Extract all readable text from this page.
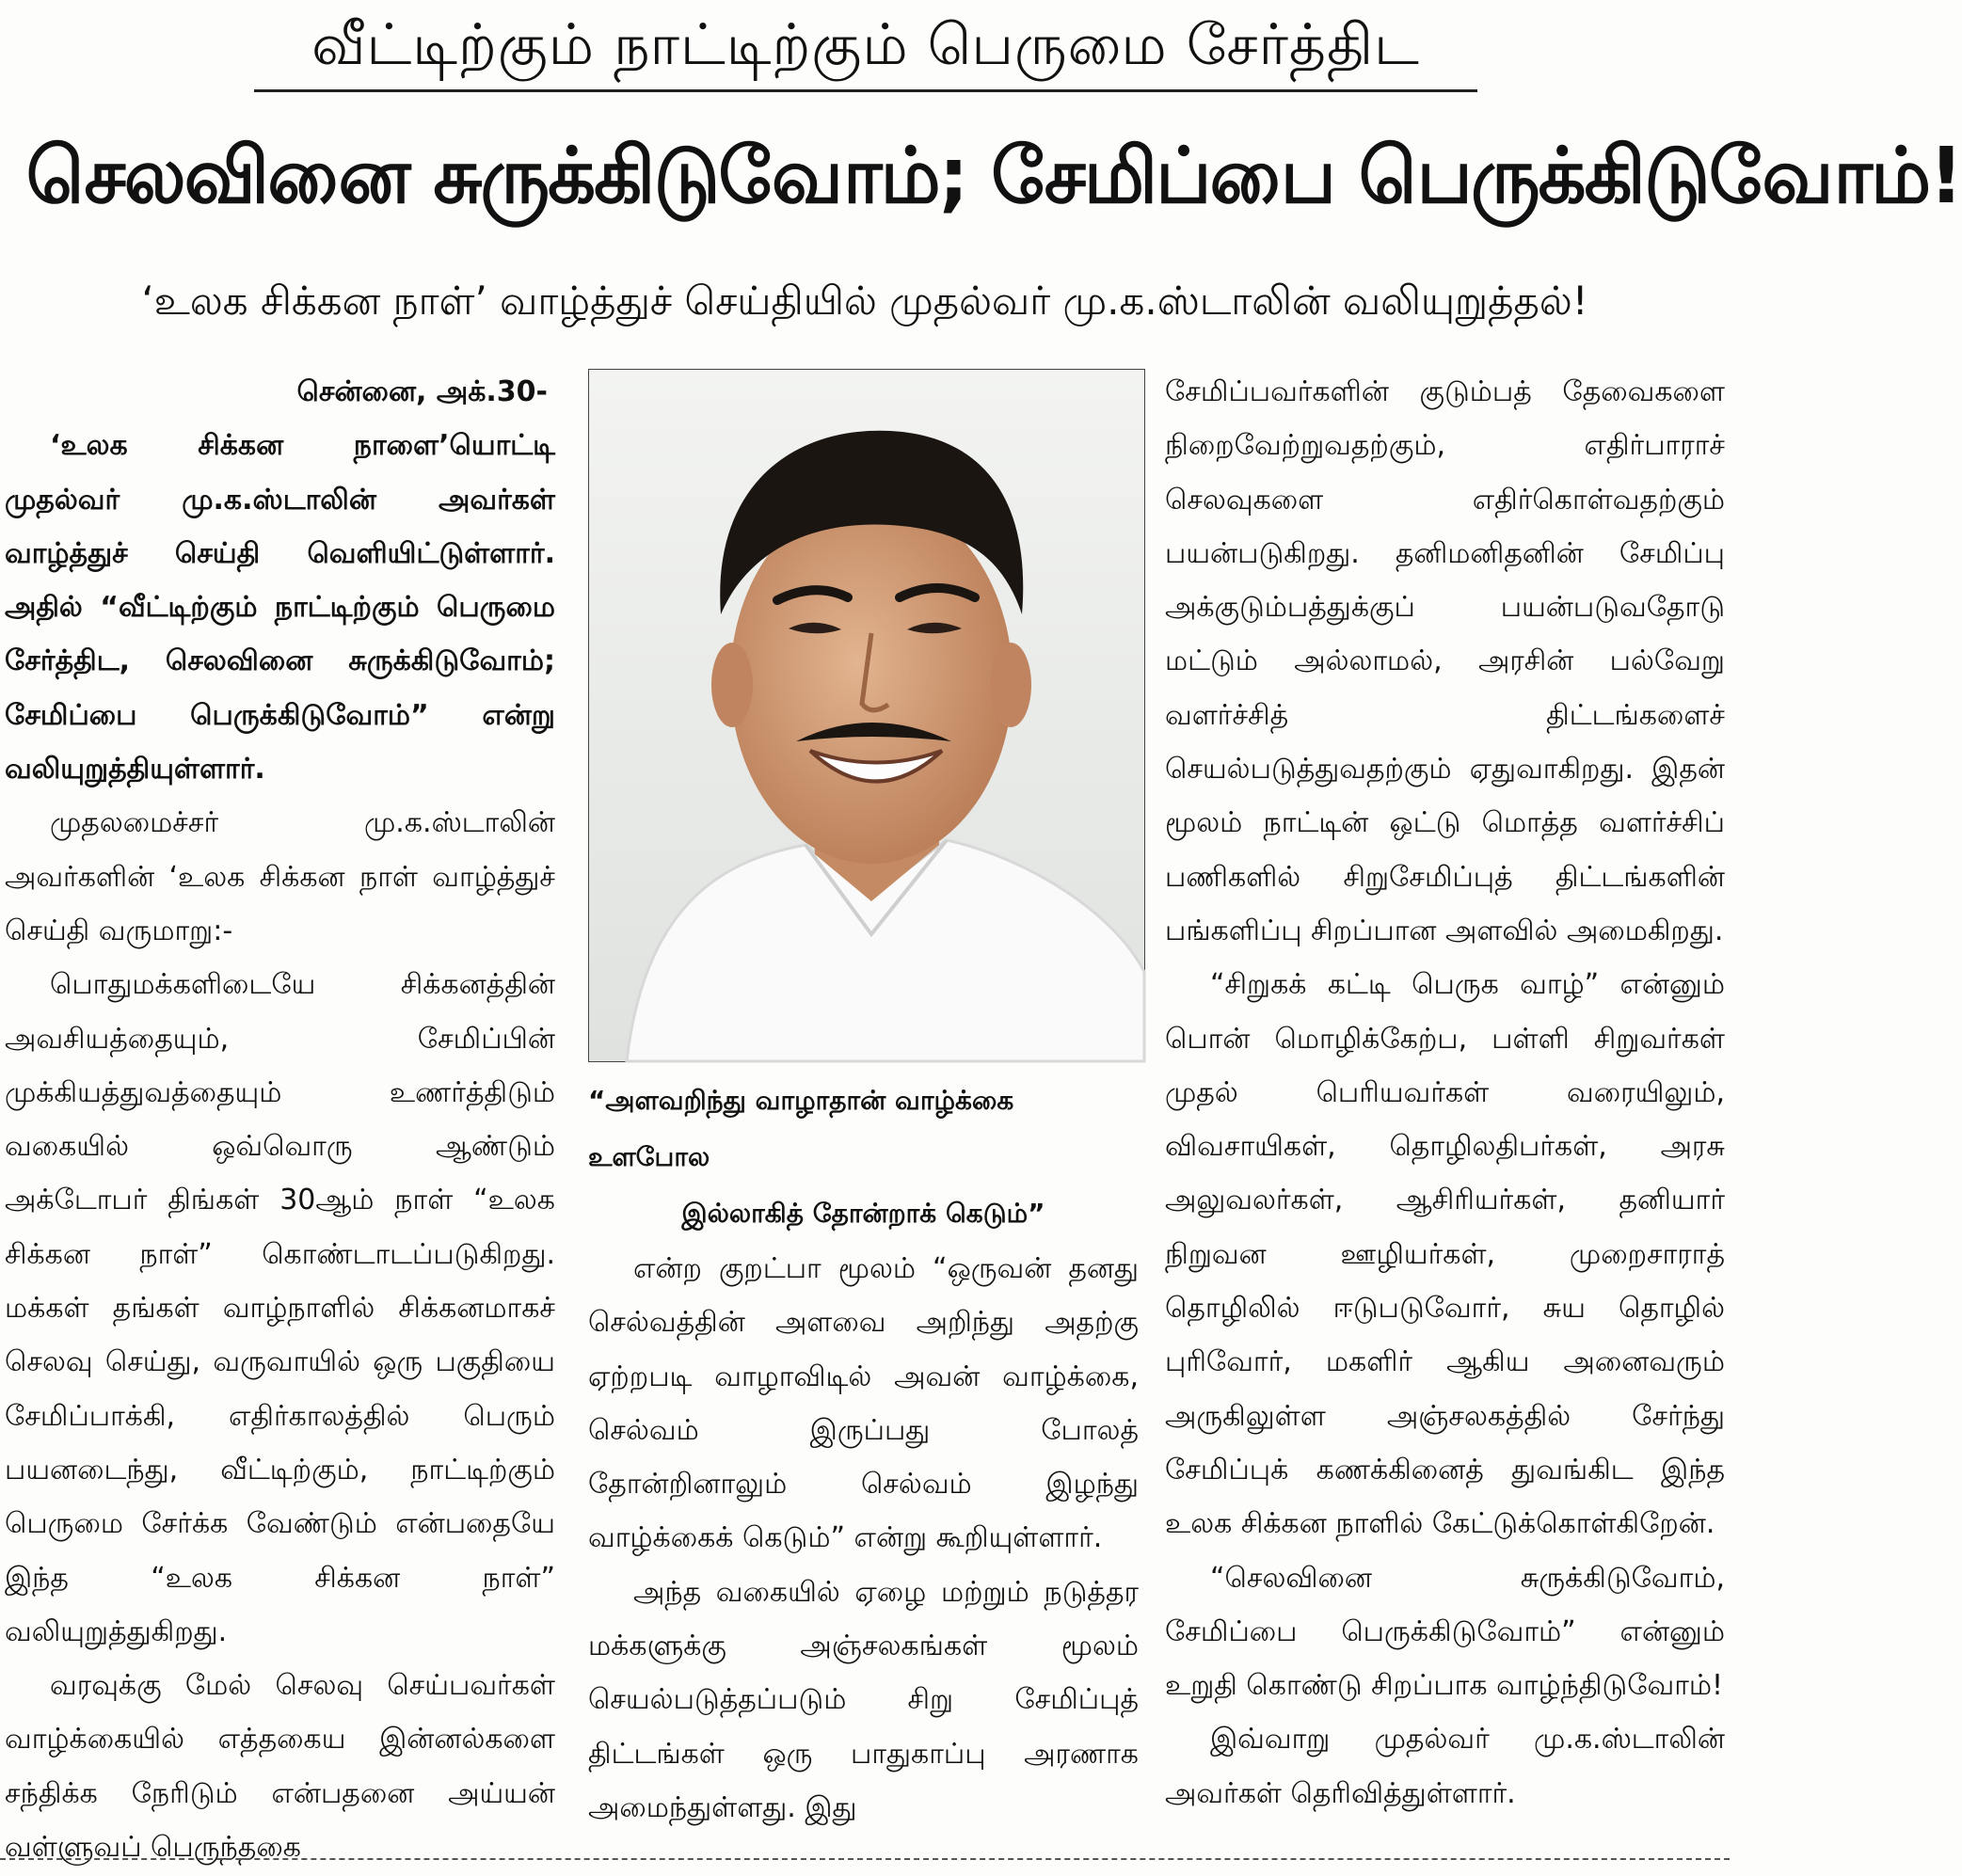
வீட்டிற்கும் நாட்டிற்கும் பெருமை சேர்த்திட
செலவினை சுருக்கிடுவோம்; சேமிப்பை பெருக்கிடுவோம்!
‘உலக சிக்கன நாள்’ வாழ்த்துச் செய்தியில் முதல்வர் மு.க.ஸ்டாலின் வலியுறுத்தல்!

சென்னை, அக்.30-

‘உலக சிக்கன நாளை’யொட்டி முதல்வர் மு.க.ஸ்டாலின் அவர்கள் வாழ்த்துச் செய்தி வெளியிட்டுள்ளார். அதில் “வீட்டிற்கும் நாட்டிற்கும் பெருமை சேர்த்திட, செலவினை சுருக்கிடுவோம்; சேமிப்பை பெருக்கிடுவோம்” என்று வலியுறுத்தியுள்ளார்.

முதலமைச்சர் மு.க.ஸ்டாலின் அவர்களின் ‘உலக சிக்கன நாள் வாழ்த்துச் செய்தி வருமாறு:-

பொதுமக்களிடையே சிக்கனத்தின் அவசியத்தையும், சேமிப்பின் முக்கியத்துவத்தையும் உணர்த்திடும் வகையில் ஒவ்வொரு ஆண்டும் அக்டோபர் திங்கள் 30ஆம் நாள் “உலக சிக்கன நாள்” கொண்டாடப்படுகிறது. மக்கள் தங்கள் வாழ்நாளில் சிக்கனமாகச் செலவு செய்து, வருவாயில் ஒரு பகுதியை சேமிப்பாக்கி, எதிர்காலத்தில் பெரும் பயனடைந்து, வீட்டிற்கும், நாட்டிற்கும் பெருமை சேர்க்க வேண்டும் என்பதையே இந்த “உலக சிக்கன நாள்” வலியுறுத்துகிறது.

வரவுக்கு மேல் செலவு செய்பவர்கள் வாழ்க்கையில் எத்தகைய இன்னல்களை சந்திக்க நேரிடும் என்பதனை அய்யன் வள்ளுவப் பெருந்தகை

“அளவறிந்து வாழாதான் வாழ்க்கை உளபோல

இல்லாகித் தோன்றாக் கெடும்”

என்ற குறட்பா மூலம் “ஒருவன் தனது செல்வத்தின் அளவை அறிந்து அதற்கு ஏற்றபடி வாழாவிடில் அவன் வாழ்க்கை, செல்வம் இருப்பது போலத் தோன்றினாலும் செல்வம் இழந்து வாழ்க்கைக் கெடும்” என்று கூறியுள்ளார்.

அந்த வகையில் ஏழை மற்றும் நடுத்தர மக்களுக்கு அஞ்சலகங்கள் மூலம் செயல்படுத்தப்படும் சிறு சேமிப்புத் திட்டங்கள் ஒரு பாதுகாப்பு அரணாக அமைந்துள்ளது. இது

சேமிப்பவர்களின் குடும்பத் தேவைகளை நிறைவேற்றுவதற்கும், எதிர்பாராச் செலவுகளை எதிர்கொள்வதற்கும் பயன்படுகிறது. தனிமனிதனின் சேமிப்பு அக்குடும்பத்துக்குப் பயன்படுவதோடு மட்டும் அல்லாமல், அரசின் பல்வேறு வளர்ச்சித் திட்டங்களைச் செயல்படுத்துவதற்கும் ஏதுவாகிறது. இதன் மூலம் நாட்டின் ஒட்டு மொத்த வளர்ச்சிப் பணிகளில் சிறுசேமிப்புத் திட்டங்களின் பங்களிப்பு சிறப்பான அளவில் அமைகிறது.

“சிறுகக் கட்டி பெருக வாழ்” என்னும் பொன் மொழிக்கேற்ப, பள்ளி சிறுவர்கள் முதல் பெரியவர்கள் வரையிலும், விவசாயிகள், தொழிலதிபர்கள், அரசு அலுவலர்கள், ஆசிரியர்கள், தனியார் நிறுவன ஊழியர்கள், முறைசாராத் தொழிலில் ஈடுபடுவோர், சுய தொழில் புரிவோர், மகளிர் ஆகிய அனைவரும் அருகிலுள்ள அஞ்சலகத்தில் சேர்ந்து சேமிப்புக் கணக்கினைத் துவங்கிட இந்த உலக சிக்கன நாளில் கேட்டுக்கொள்கிறேன்.

“செலவினை சுருக்கிடுவோம், சேமிப்பை பெருக்கிடுவோம்” என்னும் உறுதி கொண்டு சிறப்பாக வாழ்ந்திடுவோம்!

இவ்வாறு முதல்வர் மு.க.ஸ்டாலின் அவர்கள் தெரிவித்துள்ளார்.
